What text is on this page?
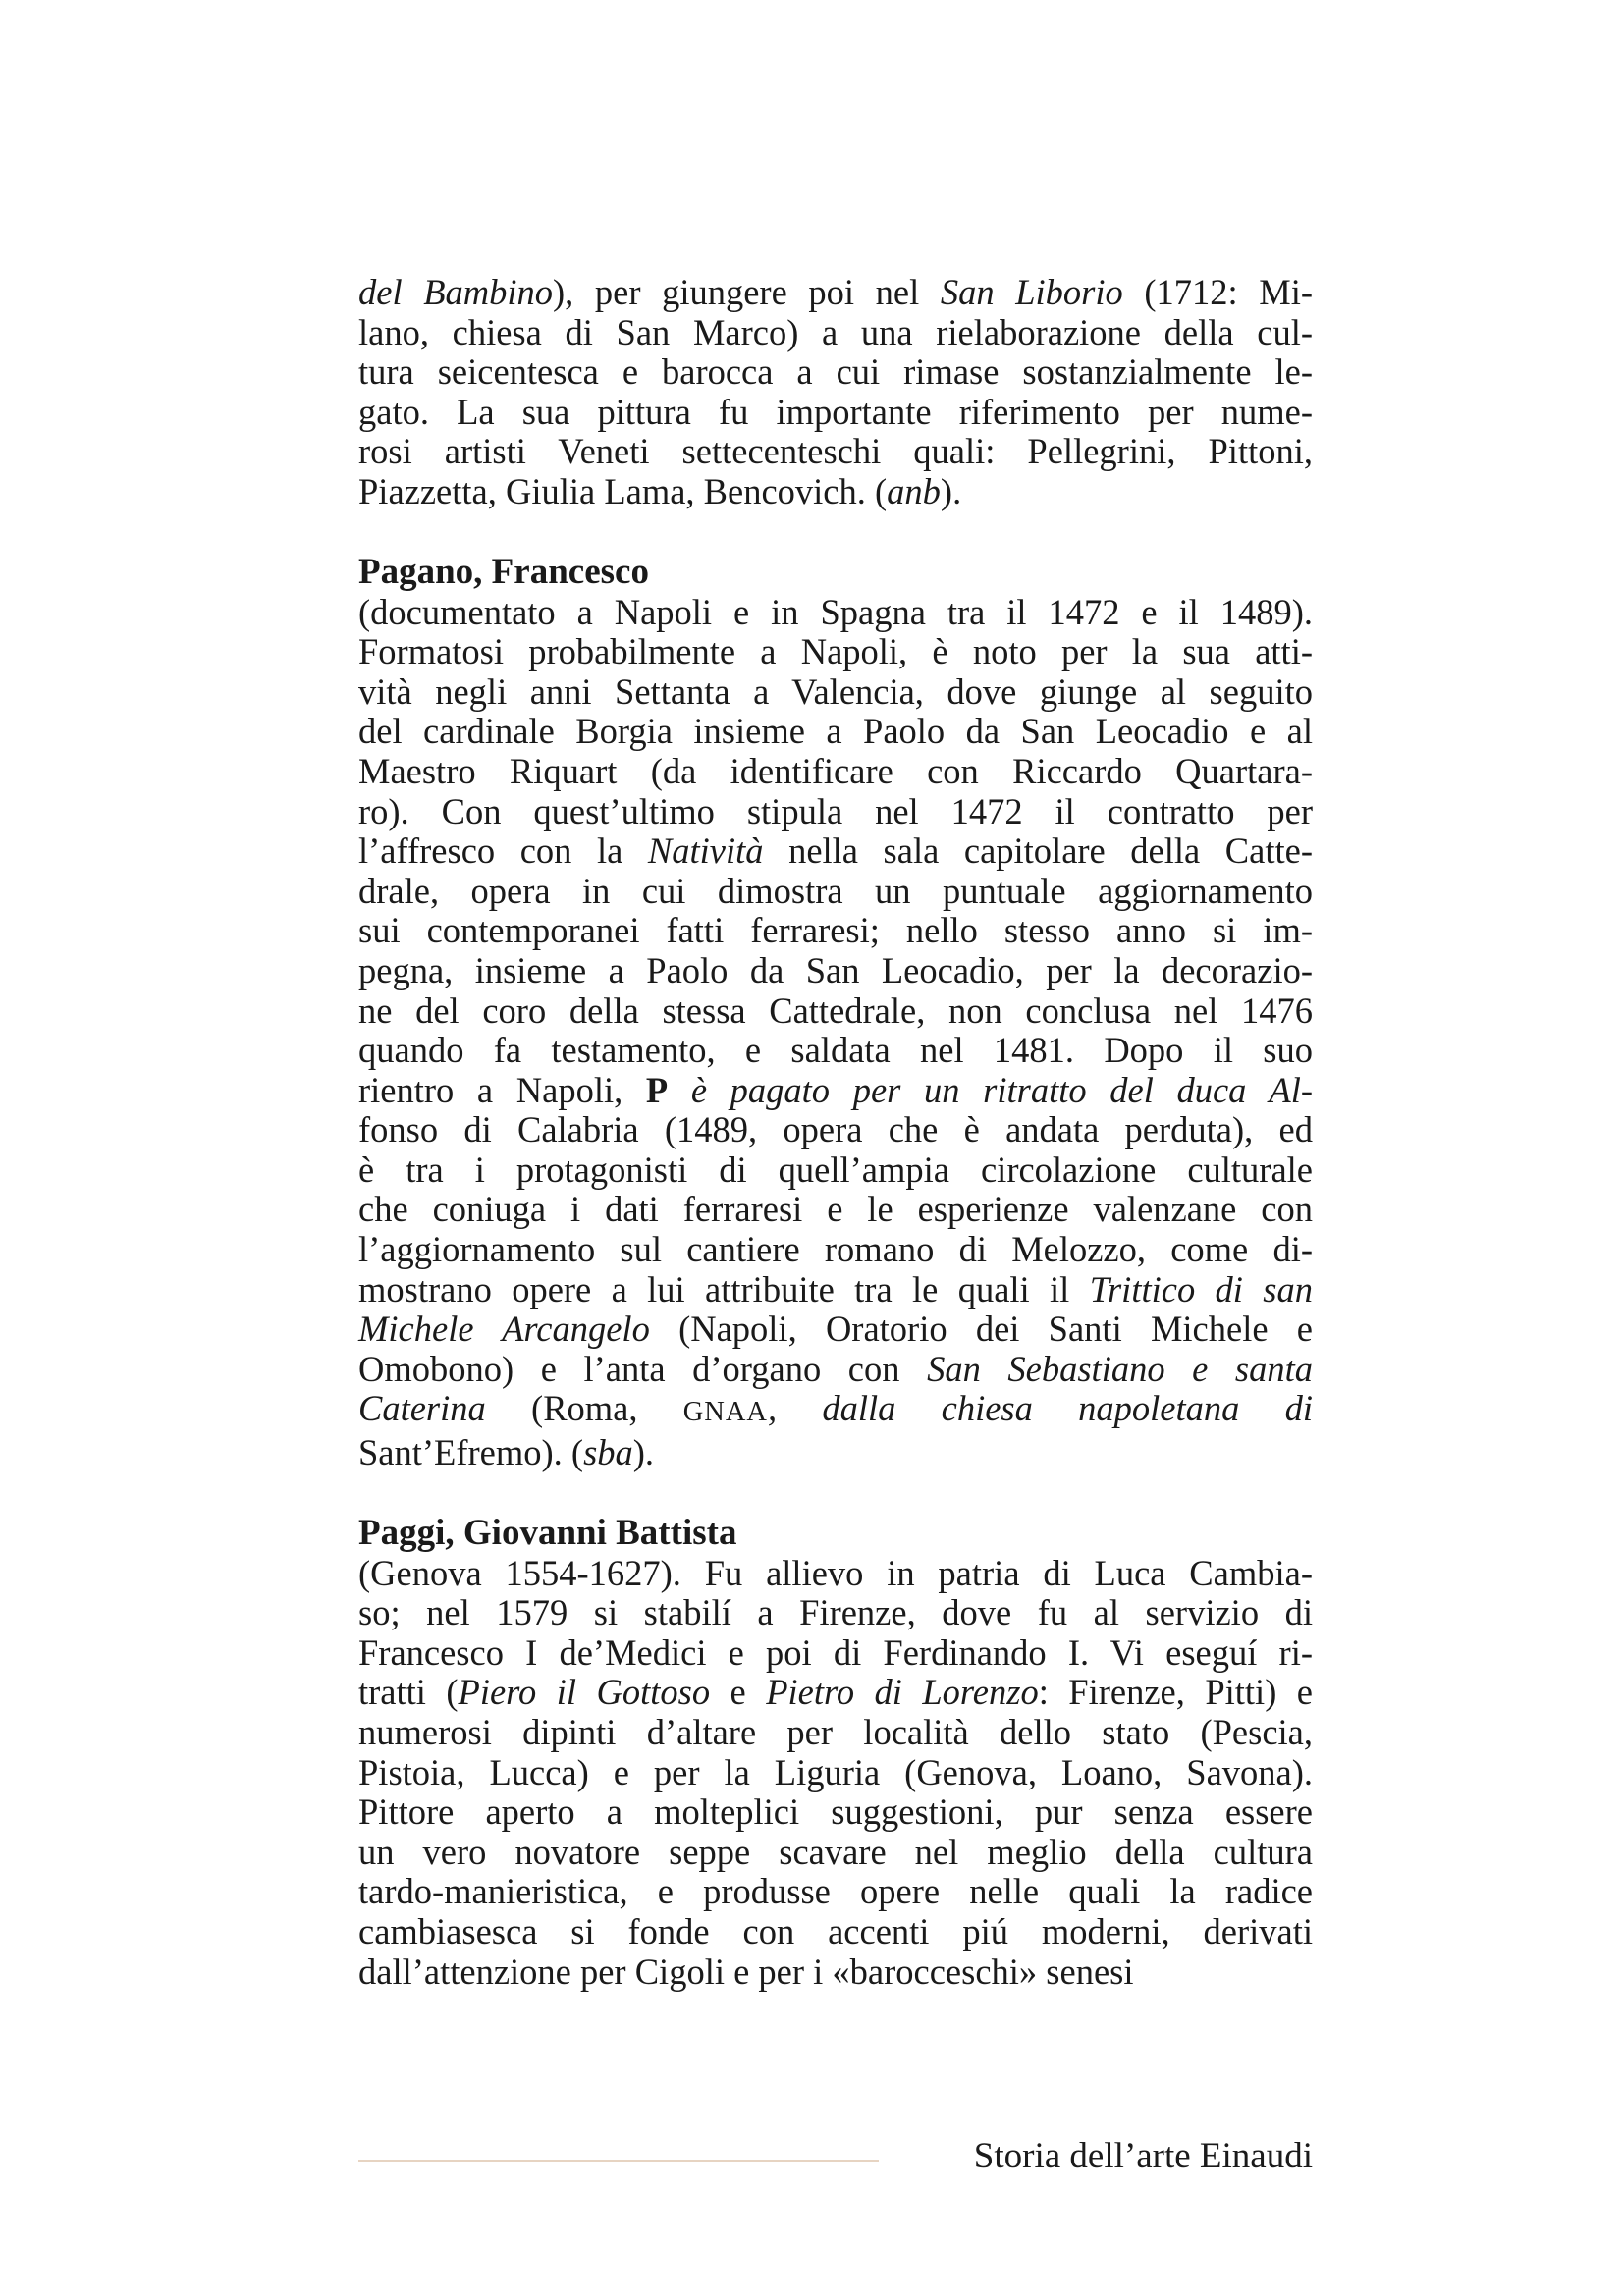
del Bambino), per giungere poi nel San Liborio (1712: Mi-
lano, chiesa di San Marco) a una rielaborazione della cul-
tura seicentesca e barocca a cui rimase sostanzialmente le-
gato. La sua pittura fu importante riferimento per nume-
rosi artisti Veneti settecenteschi quali: Pellegrini, Pittoni,
Piazzetta, Giulia Lama, Bencovich. (anb).
Pagano, Francesco
(documentato a Napoli e in Spagna tra il 1472 e il 1489).
Formatosi probabilmente a Napoli, è noto per la sua atti-
vità negli anni Settanta a Valencia, dove giunge al seguito
del cardinale Borgia insieme a Paolo da San Leocadio e al
Maestro Riquart (da identificare con Riccardo Quartara-
ro). Con quest’ultimo stipula nel 1472 il contratto per
l’affresco con la Natività nella sala capitolare della Catte-
drale, opera in cui dimostra un puntuale aggiornamento
sui contemporanei fatti ferraresi; nello stesso anno si im-
pegna, insieme a Paolo da San Leocadio, per la decorazio-
ne del coro della stessa Cattedrale, non conclusa nel 1476
quando fa testamento, e saldata nel 1481. Dopo il suo
rientro a Napoli, P è pagato per un ritratto del duca Al-
fonso di Calabria (1489, opera che è andata perduta), ed
è tra i protagonisti di quell’ampia circolazione culturale
che coniuga i dati ferraresi e le esperienze valenzane con
l’aggiornamento sul cantiere romano di Melozzo, come di-
mostrano opere a lui attribuite tra le quali il Trittico di san
Michele Arcangelo (Napoli, Oratorio dei Santi Michele e
Omobono) e l’anta d’organo con San Sebastiano e santa
Caterina (Roma, GNAA, dalla chiesa napoletana di
Sant’Efremo). (sba).
Paggi, Giovanni Battista
(Genova 1554-1627). Fu allievo in patria di Luca Cambia-
so; nel 1579 si stabilí a Firenze, dove fu al servizio di
Francesco I de’Medici e poi di Ferdinando I. Vi eseguí ri-
tratti (Piero il Gottoso e Pietro di Lorenzo: Firenze, Pitti) e
numerosi dipinti d’altare per località dello stato (Pescia,
Pistoia, Lucca) e per la Liguria (Genova, Loano, Savona).
Pittore aperto a molteplici suggestioni, pur senza essere
un vero novatore seppe scavare nel meglio della cultura
tardo-manieristica, e produsse opere nelle quali la radice
cambiasesca si fonde con accenti piú moderni, derivati
dall’attenzione per Cigoli e per i «barocceschi» senesi
Storia dell’arte Einaudi
